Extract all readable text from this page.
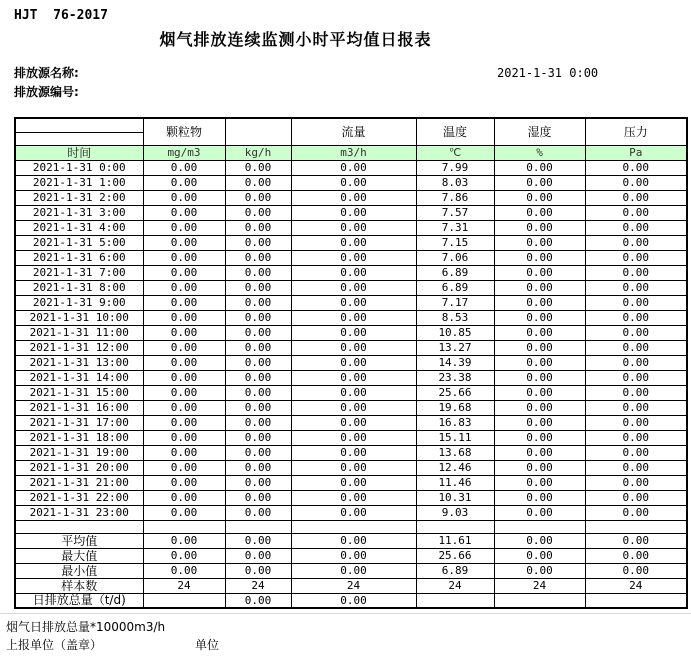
HJT  76-2017
烟气排放连续监测小时平均值日报表
排放源名称:
排放源编号:
2021-1-31 0:00
	颗粒物		流量	温度	湿度	压力

时间	mg/m3	kg/h	m3/h	℃	%	Pa
2021-1-31 0:00	0.00	0.00	0.00	7.99	0.00	0.00
2021-1-31 1:00	0.00	0.00	0.00	8.03	0.00	0.00
2021-1-31 2:00	0.00	0.00	0.00	7.86	0.00	0.00
2021-1-31 3:00	0.00	0.00	0.00	7.57	0.00	0.00
2021-1-31 4:00	0.00	0.00	0.00	7.31	0.00	0.00
2021-1-31 5:00	0.00	0.00	0.00	7.15	0.00	0.00
2021-1-31 6:00	0.00	0.00	0.00	7.06	0.00	0.00
2021-1-31 7:00	0.00	0.00	0.00	6.89	0.00	0.00
2021-1-31 8:00	0.00	0.00	0.00	6.89	0.00	0.00
2021-1-31 9:00	0.00	0.00	0.00	7.17	0.00	0.00
2021-1-31 10:00	0.00	0.00	0.00	8.53	0.00	0.00
2021-1-31 11:00	0.00	0.00	0.00	10.85	0.00	0.00
2021-1-31 12:00	0.00	0.00	0.00	13.27	0.00	0.00
2021-1-31 13:00	0.00	0.00	0.00	14.39	0.00	0.00
2021-1-31 14:00	0.00	0.00	0.00	23.38	0.00	0.00
2021-1-31 15:00	0.00	0.00	0.00	25.66	0.00	0.00
2021-1-31 16:00	0.00	0.00	0.00	19.68	0.00	0.00
2021-1-31 17:00	0.00	0.00	0.00	16.83	0.00	0.00
2021-1-31 18:00	0.00	0.00	0.00	15.11	0.00	0.00
2021-1-31 19:00	0.00	0.00	0.00	13.68	0.00	0.00
2021-1-31 20:00	0.00	0.00	0.00	12.46	0.00	0.00
2021-1-31 21:00	0.00	0.00	0.00	11.46	0.00	0.00
2021-1-31 22:00	0.00	0.00	0.00	10.31	0.00	0.00
2021-1-31 23:00	0.00	0.00	0.00	9.03	0.00	0.00

平均值	0.00	0.00	0.00	11.61	0.00	0.00
最大值	0.00	0.00	0.00	25.66	0.00	0.00
最小值	0.00	0.00	0.00	6.89	0.00	0.00
样本数	24	24	24	24	24	24
日排放总量（t/d)		0.00	0.00			
烟气日排放总量*10000m3/h
上报单位（盖章）	单位
